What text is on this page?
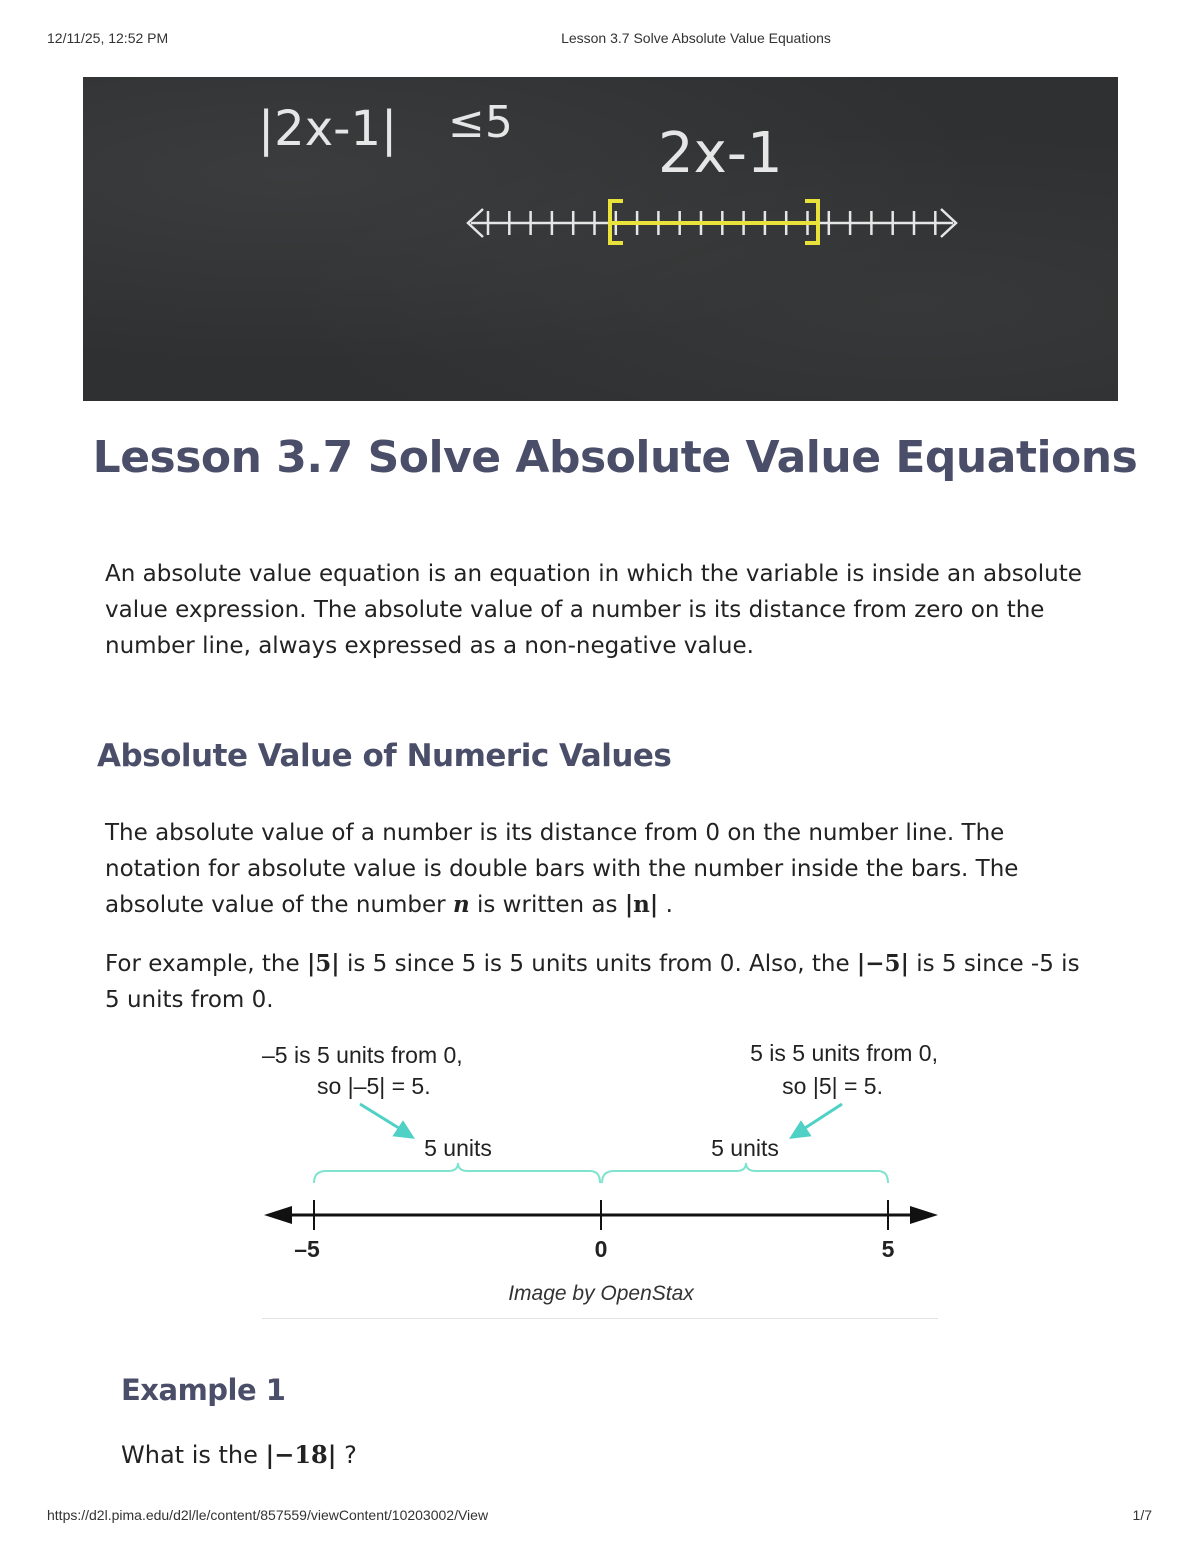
12/11/25, 12:52 PM	Lesson 3.7 Solve Absolute Value Equations
|2x-1| ≤5	2x-1
Lesson 3.7 Solve Absolute Value Equations
An absolute value equation is an equation in which the variable is inside an absolute value expression. The absolute value of a number is its distance from zero on the number line, always expressed as a non-negative value.
Absolute Value of Numeric Values
The absolute value of a number is its distance from 0 on the number line. The notation for absolute value is double bars with the number inside the bars. The absolute value of the number n is written as |n| .
For example, the |5| is 5 since 5 is 5 units units from 0. Also, the |−5| is 5 since -5 is 5 units from 0.
–5 is 5 units from 0,
so |–5| = 5.
5 is 5 units from 0,
so |5| = 5.
5 units	5 units
–5	0	5
Image by OpenStax
Example 1
What is the |−18| ?
https://d2l.pima.edu/d2l/le/content/857559/viewContent/10203002/View	1/7
